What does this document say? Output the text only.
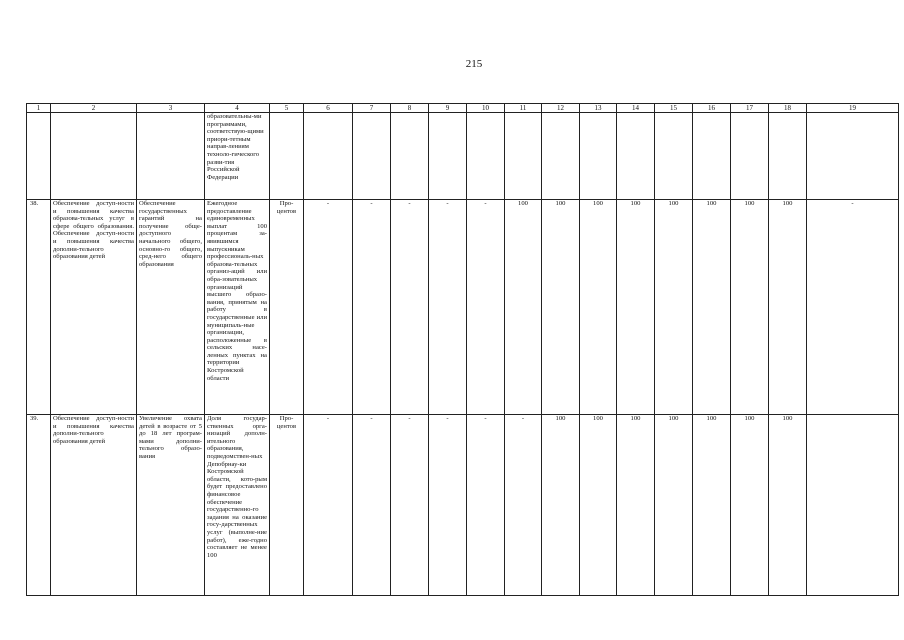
215
1	2	3	4	5	6	7	8	9	10	11	12	13	14	15	16	17	18	19
			образовательны-ми программами, соответствую-щими приори-тетным направ-лениям техноло-гического разви-тия Российской Федерации															
38.	Обеспечение доступ-ности и повышения качества образова-тельных услуг в сфере общего образования. Обеспечение доступ-ности и повышения качества дополни-тельного образования детей	Обеспечение государственных гарантий на получение обще-доступного начального общего, основно-го общего, сред-него общего образования	Ежегодное предоставление единовременных выплат 100 процентам за-явившимся выпускникам профессиональ-ных образова-тельных организ-аций или обра-зовательных организаций высшего образо-вания, принятым на работу в государственные или муниципаль-ные организации, расположенные в сельских насе-ленных пунктах на территории Костромской области	Про-центов	-	-	-	-	-	100	100	100	100	100	100	100	100	-
39.	Обеспечение доступ-ности и повышения качества дополни-тельного образования детей	Увеличение охвата детей в возрасте от 5 до 18 лет програм-мами дополни-тельного образо-вания	Доля государ-ственных орга-низаций дополн-ительного образования, подведомствен-ных Депобрнау-ки Костромской области, кото-рым будет предоставлено финансовое обеспечение государственно-го задания на оказание госу-дарственных услуг (выполне-ние работ), еже-годно составляет не менее 100	Про-центов	-	-	-	-	-	-	100	100	100	100	100	100	100	
